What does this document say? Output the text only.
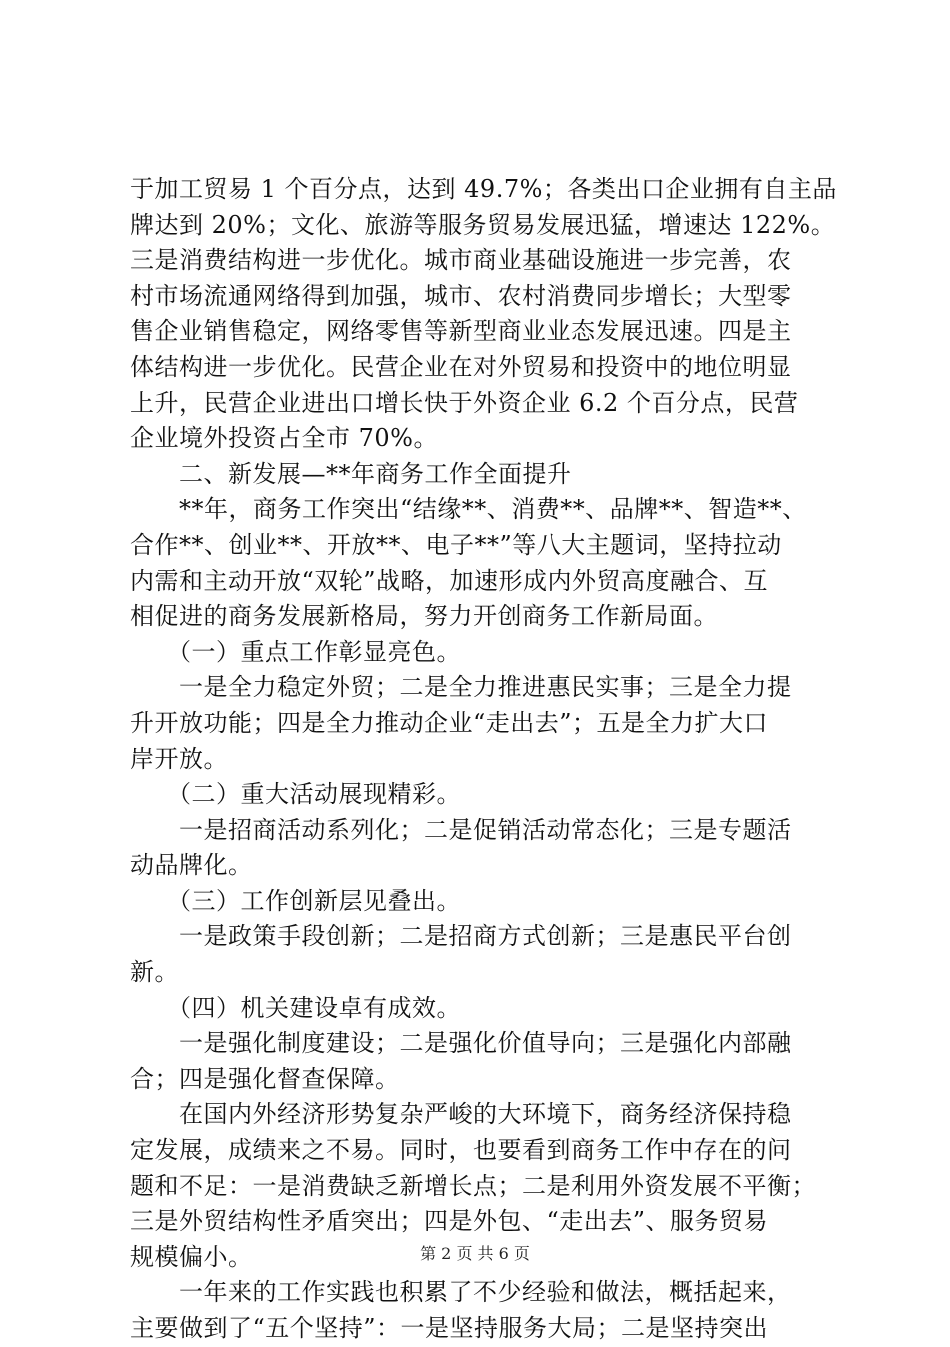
于加工贸易 1 个百分点，达到 49.7%；各类出口企业拥有自主品
牌达到 20%；文化、旅游等服务贸易发展迅猛，增速达 122%。
三是消费结构进一步优化。城市商业基础设施进一步完善，农
村市场流通网络得到加强，城市、农村消费同步增长；大型零
售企业销售稳定，网络零售等新型商业业态发展迅速。四是主
体结构进一步优化。民营企业在对外贸易和投资中的地位明显
上升，民营企业进出口增长快于外资企业 6.2 个百分点，民营
企业境外投资占全市 70%。
　　二、新发展—**年商务工作全面提升
　　**年，商务工作突出“结缘**、消费**、品牌**、智造**、
合作**、创业**、开放**、电子**”等八大主题词，坚持拉动
内需和主动开放“双轮”战略，加速形成内外贸高度融合、互
相促进的商务发展新格局，努力开创商务工作新局面。
　　（一）重点工作彰显亮色。
　　一是全力稳定外贸；二是全力推进惠民实事；三是全力提
升开放功能；四是全力推动企业“走出去”；五是全力扩大口
岸开放。
　　（二）重大活动展现精彩。
　　一是招商活动系列化；二是促销活动常态化；三是专题活
动品牌化。
　　（三）工作创新层见叠出。
　　一是政策手段创新；二是招商方式创新；三是惠民平台创
新。
　　（四）机关建设卓有成效。
　　一是强化制度建设；二是强化价值导向；三是强化内部融
合；四是强化督查保障。
　　在国内外经济形势复杂严峻的大环境下，商务经济保持稳
定发展，成绩来之不易。同时，也要看到商务工作中存在的问
题和不足：一是消费缺乏新增长点；二是利用外资发展不平衡；
三是外贸结构性矛盾突出；四是外包、“走出去”、服务贸易
规模偏小。
　　一年来的工作实践也积累了不少经验和做法，概括起来，
主要做到了“五个坚持”：一是坚持服务大局；二是坚持突出
第 2 页 共 6 页
